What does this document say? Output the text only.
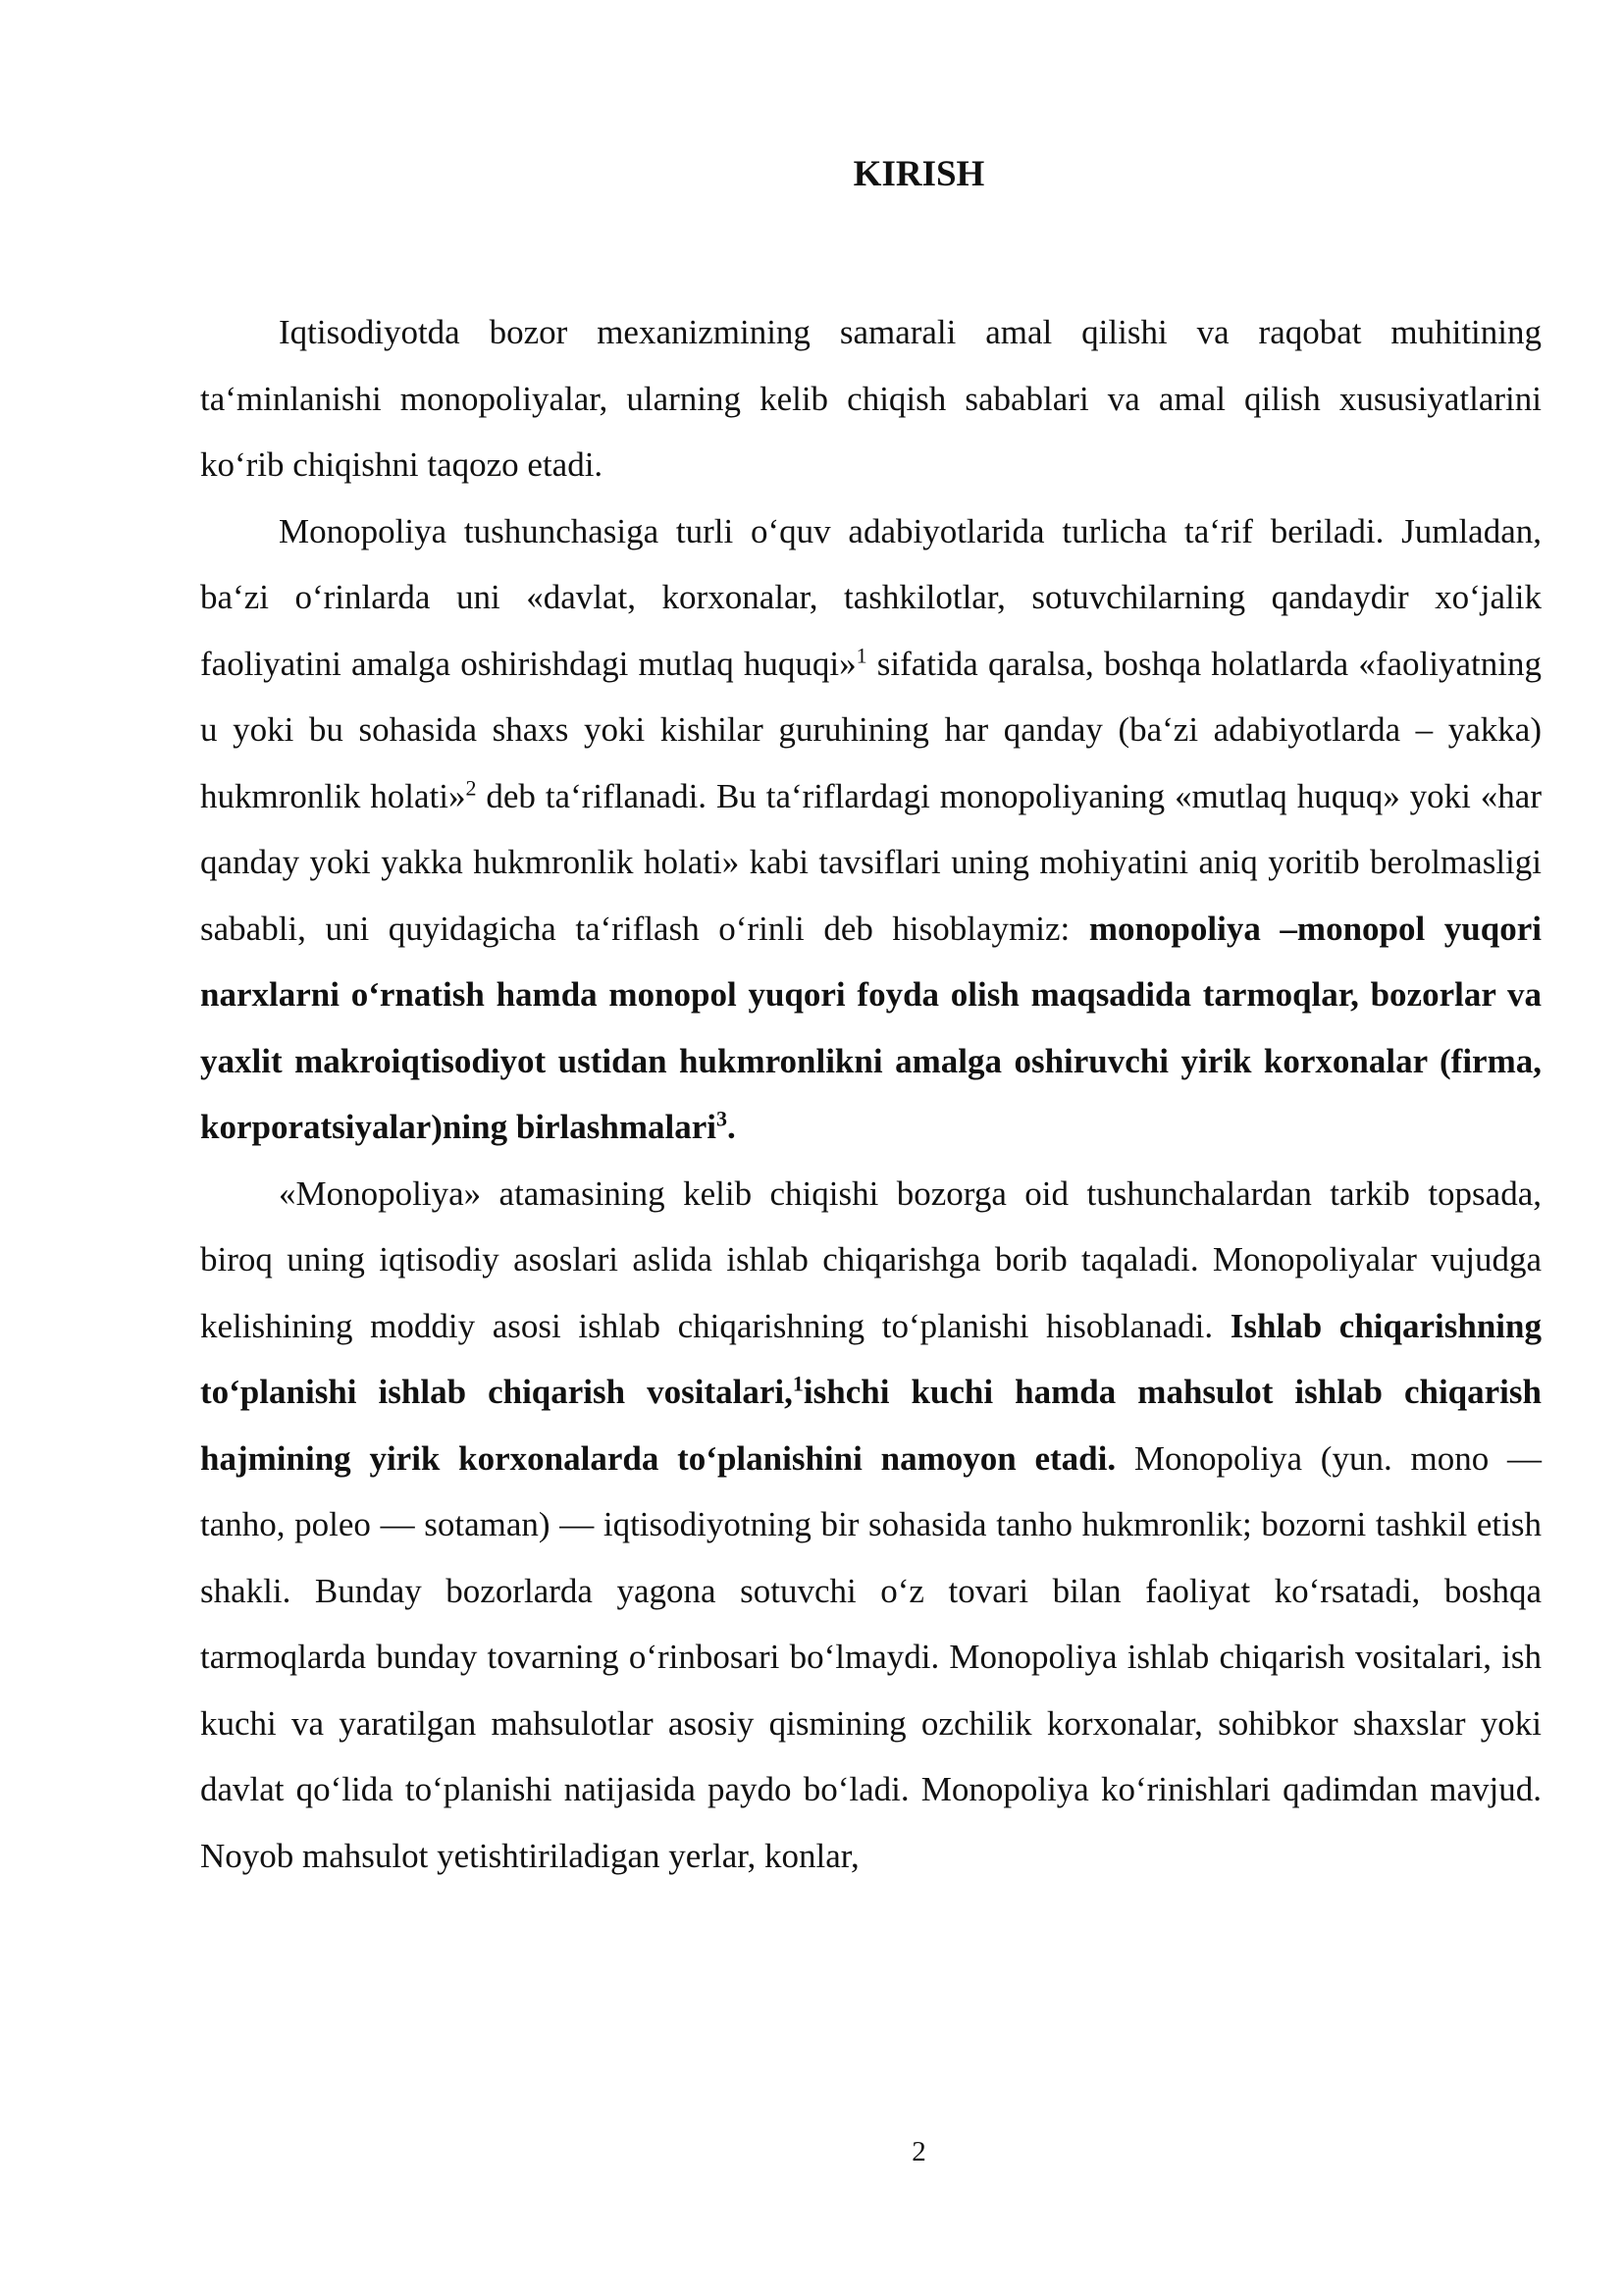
KIRISH

Iqtisodiyotda bozor mexanizmining samarali amal qilishi va raqobat muhitining ta‘minlanishi monopoliyalar, ularning kelib chiqish sabablari va amal qilish xususiyatlarini ko‘rib chiqishni taqozo etadi.

Monopoliya tushunchasiga turli o‘quv adabiyotlarida turlicha ta‘rif beriladi. Jumladan, ba‘zi o‘rinlarda uni «davlat, korxonalar, tashkilotlar, sotuvchilarning qandaydir xo‘jalik faoliyatini amalga oshirishdagi mutlaq huquqi»$^1$ sifatida qaralsa, boshqa holatlarda «faoliyatning u yoki bu sohasida shaxs yoki kishilar guruhining har qanday (ba‘zi adabiyotlarda – yakka) hukmronlik holati»$^2$ deb ta‘riflanadi. Bu ta‘riflardagi monopoliyaning «mutlaq huquq» yoki «har qanday yoki yakka hukmronlik holati» kabi tavsiflari uning mohiyatini aniq yoritib berolmasligi sababli, uni quyidagicha ta‘riflash o‘rinli deb hisoblaymiz: monopoliya –monopol yuqori narxlarni o‘rnatish hamda monopol yuqori foyda olish maqsadida tarmoqlar, bozorlar va yaxlit makroiqtisodiyot ustidan hukmronlikni amalga oshiruvchi yirik korxonalar (firma, korporatsiyalar)ning birlashmalari$^3$.

«Monopoliya» atamasining kelib chiqishi bozorga oid tushunchalardan tarkib topsada, biroq uning iqtisodiy asoslari aslida ishlab chiqarishga borib taqaladi. Monopoliyalar vujudga kelishining moddiy asosi ishlab chiqarishning to‘planishi hisoblanadi. Ishlab chiqarishning to‘planishi ishlab chiqarish vositalari,$^1$ishchi kuchi hamda mahsulot ishlab chiqarish hajmining yirik korxonalarda to‘planishini namoyon etadi. Monopoliya (yun. mono — tanho, poleo — sotaman) — iqtisodiyotning bir sohasida tanho hukmronlik; bozorni tashkil etish shakli. Bunday bozorlarda yagona sotuvchi o‘z tovari bilan faoliyat ko‘rsatadi, boshqa tarmoqlarda bunday tovarning o‘rinbosari bo‘lmaydi. Monopoliya ishlab chiqarish vositalari, ish kuchi va yaratilgan mahsulotlar asosiy qismining ozchilik korxonalar, sohibkor shaxslar yoki davlat qo‘lida to‘planishi natijasida paydo bo‘ladi. Monopoliya ko‘rinishlari qadimdan mavjud. Noyob mahsulot yetishtiriladigan yerlar, konlar,

2
